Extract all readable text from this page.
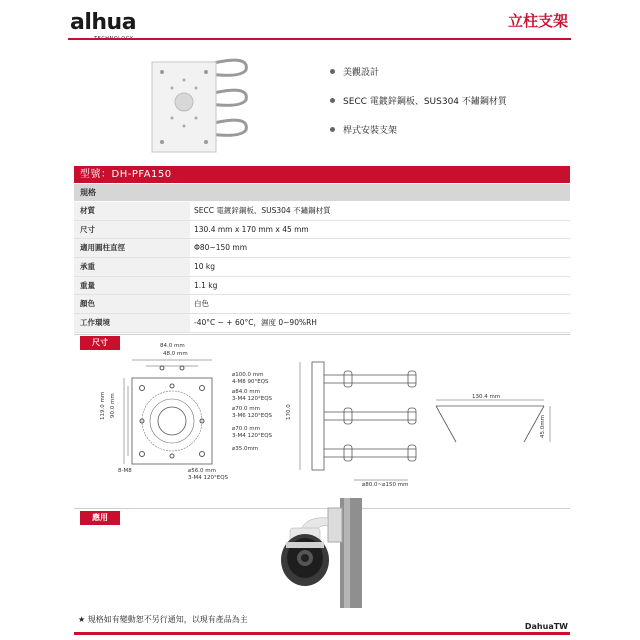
alhua	立柱支架
美觀設計
SECC 電鍍鋅鋼板、SUS304 不鏽鋼材質
桿式安裝支架
型號：DH-PFA150
規格
材質	SECC 電鍍鋅鋼板、SUS304 不鏽鋼材質
尺寸	130.4 mm x 170 mm x 45 mm
適用圓柱直徑	Φ80~150 mm
承重	10 kg
重量	1.1 kg
顏色	白色
工作環境	-40°C ~ + 60°C，濕度 0~90%RH
尺寸	84.0 mm
48.0 mm
119.0 mm 90.0 mm
⌀100.0 mm
4-M8 90°EQS
⌀84.0 mm
3-M4 120°EQS
⌀70.0 mm
3-M6 120°EQS
⌀70.0 mm
3-M4 120°EQS
⌀35.0mm
8-M8	⌀56.0 mm
3-M4 120°EQS
170.0
⌀80.0~⌀150 mm
130.4 mm
45.0mm
應用
★ 規格如有變動恕不另行通知，以現有產品為主
DahuaTW
